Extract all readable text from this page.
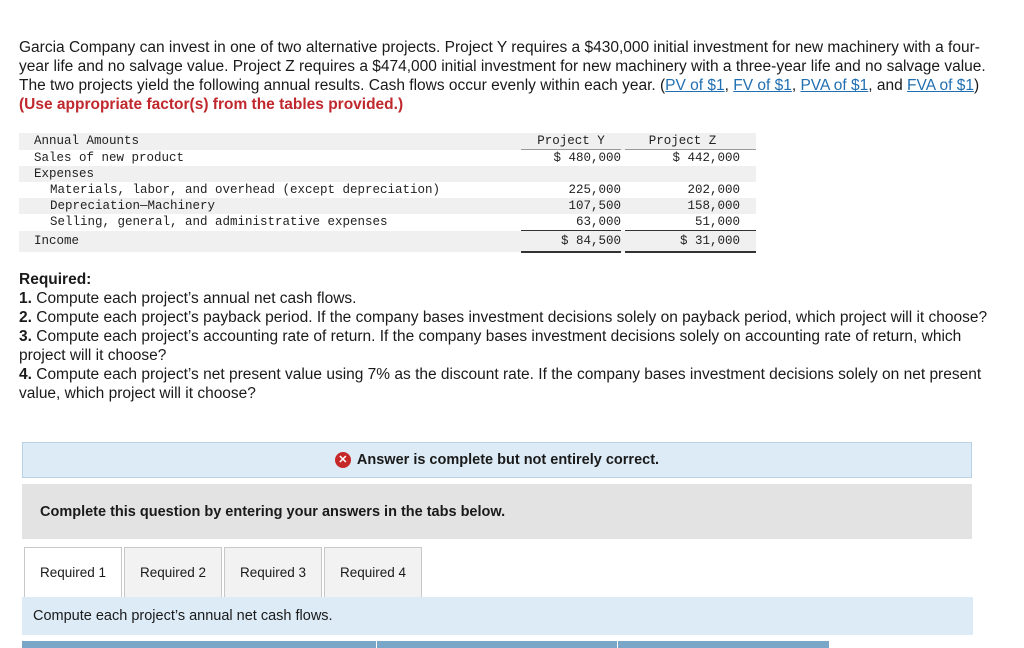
Garcia Company can invest in one of two alternative projects. Project Y requires a $430,000 initial investment for new machinery with a four-year life and no salvage value. Project Z requires a $474,000 initial investment for new machinery with a three-year life and no salvage value. The two projects yield the following annual results. Cash flows occur evenly within each year. (PV of $1, FV of $1, PVA of $1, and FVA of $1) (Use appropriate factor(s) from the tables provided.)
Annual Amounts	Project Y		Project Z
Sales of new product	$ 480,000		$ 442,000
Expenses			
Materials, labor, and overhead (except depreciation)	225,000		202,000
Depreciation—Machinery	107,500		158,000
Selling, general, and administrative expenses	63,000		51,000
Income	$ 84,500		$ 31,000

Required:

1. Compute each project’s annual net cash flows.

2. Compute each project’s payback period. If the company bases investment decisions solely on payback period, which project will it choose?

3. Compute each project’s accounting rate of return. If the company bases investment decisions solely on accounting rate of return, which project will it choose?

4. Compute each project’s net present value using 7% as the discount rate. If the company bases investment decisions solely on net present value, which project will it choose?

✕ Answer is complete but not entirely correct.
Complete this question by entering your answers in the tabs below.
Required 1	Required 2	Required 3	Required 4
Compute each project’s annual net cash flows.
